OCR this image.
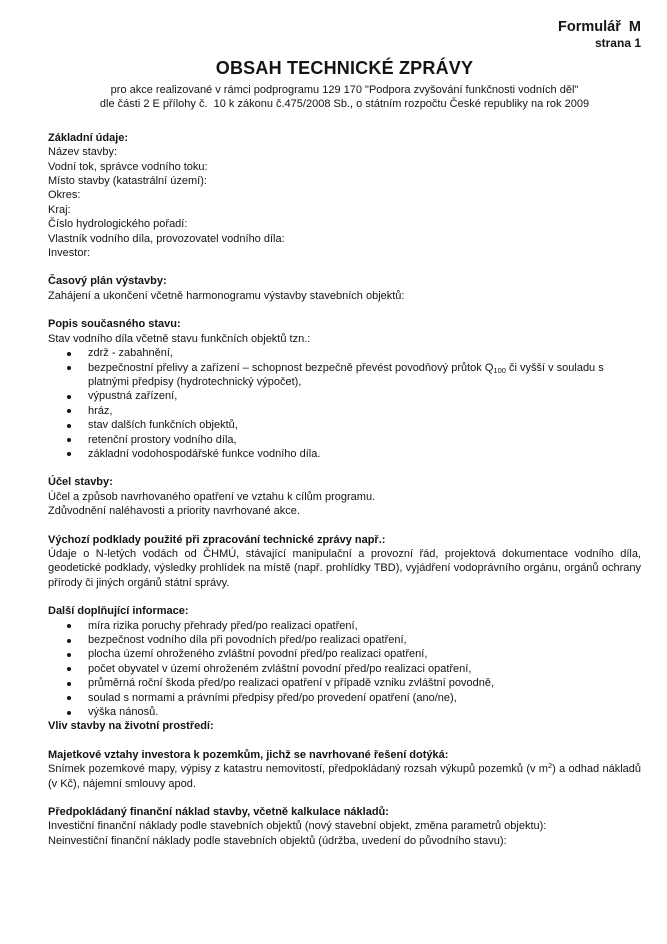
Formulář  M
strana 1
OBSAH TECHNICKÉ ZPRÁVY
pro akce realizované v rámci podprogramu 129 170 "Podpora zvyšování funkčnosti vodních děl"
dle části 2 E přílohy č.  10 k zákonu č.475/2008 Sb., o státním rozpočtu České republiky na rok 2009
Základní údaje:
Název stavby:
Vodní tok, správce vodního toku:
Místo stavby (katastrální území):
Okres:
Kraj:
Číslo hydrologického pořadí:
Vlastník vodního díla, provozovatel vodního díla:
Investor:
Časový plán výstavby:
Zahájení a ukončení včetně harmonogramu výstavby stavebních objektů:
Popis současného stavu:
Stav vodního díla včetně stavu funkčních objektů tzn.:
zdrž - zabahnění,
bezpečnostní přelivy a zařízení – schopnost bezpečně převést povodňový průtok $Q_{100}$ či vyšší v souladu s platnými předpisy (hydrotechnický výpočet),
výpustná zařízení,
hráz,
stav dalších funkčních objektů,
retenční prostory vodního díla,
základní vodohospodářské funkce vodního díla.
Účel stavby:
Účel a způsob navrhovaného opatření ve vztahu k cílům programu.
Zdůvodnění naléhavosti a priority navrhované akce.
Výchozí podklady použité při zpracování technické zprávy např.:

Údaje o N-letých vodách od ČHMÚ, stávající manipulační a provozní řád, projektová dokumentace vodního díla, geodetické podklady, výsledky prohlídek na místě (např. prohlídky TBD), vyjádření vodoprávního orgánu, orgánů ochrany přírody či jiných orgánů státní správy.

Další doplňující informace:
míra rizika poruchy přehrady před/po realizaci opatření,
bezpečnost vodního díla při povodních před/po realizaci opatření,
plocha území ohroženého zvláštní povodní před/po realizaci opatření,
počet obyvatel v území ohroženém zvláštní povodní před/po realizaci opatření,
průměrná roční škoda před/po realizaci opatření v případě vzniku zvláštní povodně,
soulad s normami a právními předpisy před/po provedení opatření (ano/ne),
výška nánosů.
Vliv stavby na životní prostředí:
Majetkové vztahy investora k pozemkům, jichž se navrhované řešení dotýká:

Snímek pozemkové mapy, výpisy z katastru nemovitostí, předpokládaný rozsah výkupů pozemků (v $m^2$) a odhad nákladů (v Kč), nájemní smlouvy apod.

Předpokládaný finanční náklad stavby, včetně kalkulace nákladů:
Investiční finanční náklady podle stavebních objektů (nový stavební objekt, změna parametrů objektu):
Neinvestiční finanční náklady podle stavebních objektů (údržba, uvedení do původního stavu):
